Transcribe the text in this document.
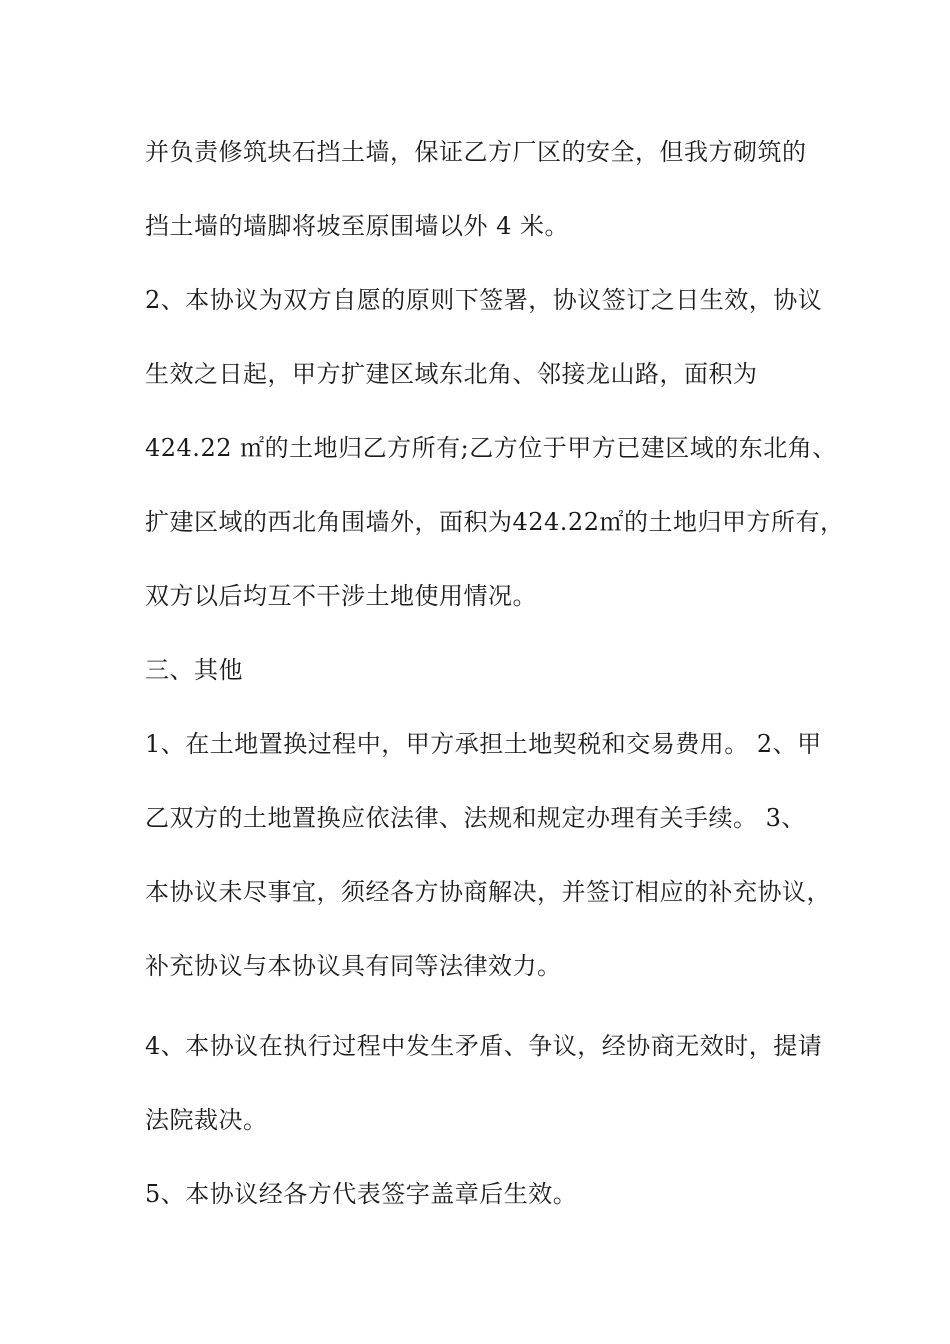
并负责修筑块石挡土墙，保证乙方厂区的安全，但我方砌筑的
挡土墙的墙脚将坡至原围墙以外 4 米。
2、本协议为双方自愿的原则下签署，协议签订之日生效，协议
生效之日起，甲方扩建区域东北角、邻接龙山路，面积为
424.22 ㎡的土地归乙方所有;乙方位于甲方已建区域的东北角、
扩建区域的西北角围墙外，面积为424.22㎡的土地归甲方所有，
双方以后均互不干涉土地使用情况。
三、其他
1、在土地置换过程中，甲方承担土地契税和交易费用。 2、甲
乙双方的土地置换应依法律、法规和规定办理有关手续。 3、
本协议未尽事宜，须经各方协商解决，并签订相应的补充协议，
补充协议与本协议具有同等法律效力。
4、本协议在执行过程中发生矛盾、争议，经协商无效时，提请
法院裁决。
5、本协议经各方代表签字盖章后生效。
